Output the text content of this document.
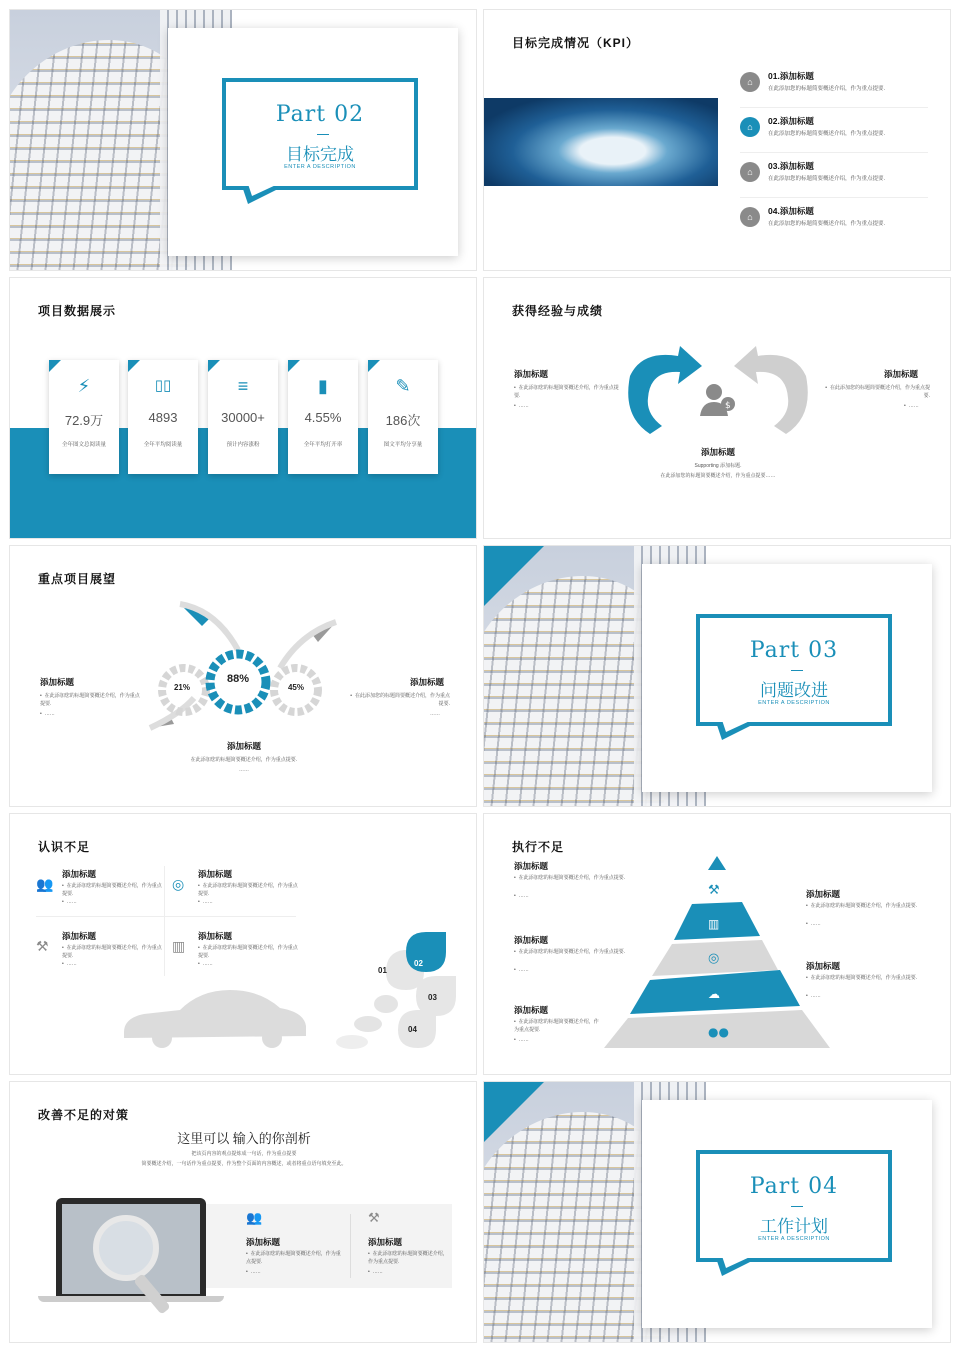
Part 02
目标完成
ENTER A DESCRIPTION
目标完成情况（KPI）
⌂
01.添加标题
在此添加您的标题简要概述介绍，作为重点提要.
⌂
02.添加标题
在此添加您的标题简要概述介绍，作为重点提要.
⌂
03.添加标题
在此添加您的标题简要概述介绍，作为重点提要.
⌂
04.添加标题
在此添加您的标题简要概述介绍，作为重点提要.
项目数据展示
⚡
72.9万
全年图文总阅读量
▯▯
4893
全年平均阅读量
≡
30000+
预计内容涨粉
▮
4.55%
全年平均打开率
✎
186次
图文平均分享量
获得经验与成绩
添加标题
• 在此添加您的标题简要概述介绍，作为重点提要.
• ……
添加标题
• 在此添加您的标题简要概述介绍，作为重点提要.
• ……
$
添加标题
Supporting 添加标题.
在此添加您的标题简要概述介绍，作为重点提要……
重点项目展望
21%
88%
45%
添加标题
• 在此添加您的标题简要概述介绍，作为重点提要.
• ……
添加标题
• 在此添加您的标题简要概述介绍，作为重点提要.
……
添加标题
在此添加您的标题简要概述介绍，作为重点提要.
……
Part 03
问题改进
ENTER A DESCRIPTION
认识不足
👥
添加标题
• 在此添加您的标题简要概述介绍，作为重点提要.
• ……
◎
添加标题
• 在此添加您的标题简要概述介绍，作为重点提要.
• ……
⚒
添加标题
• 在此添加您的标题简要概述介绍，作为重点提要.
• ……
▥
添加标题
• 在此添加您的标题简要概述介绍，作为重点提要.
• ……
01
02
03
04
执行不足
添加标题
• 在此添加您的标题简要概述介绍，作为重点提要.
• ……
添加标题
• 在此添加您的标题简要概述介绍，作为重点提要.
• ……
添加标题
• 在此添加您的标题简要概述介绍，作为重点提要.
• ……
⚒
▥
◎
☁
●●
添加标题
• 在此添加您的标题简要概述介绍，作为重点提要.
• ……
添加标题
• 在此添加您的标题简要概述介绍，作为重点提要.
• ……
改善不足的对策
这里可以 输入的你剖析
把该页内容的观点提炼成一句话，作为重点提要
简要概述介绍，一句话作为重点提要，作为整个页面的内容概述，或者将重点语句填充至此。
👥
添加标题
• 在此添加您的标题简要概述介绍，作为重点提要.
• ……
⚒
添加标题
• 在此添加您的标题简要概述介绍，作为重点提要.
• ……
Part 04
工作计划
ENTER A DESCRIPTION
